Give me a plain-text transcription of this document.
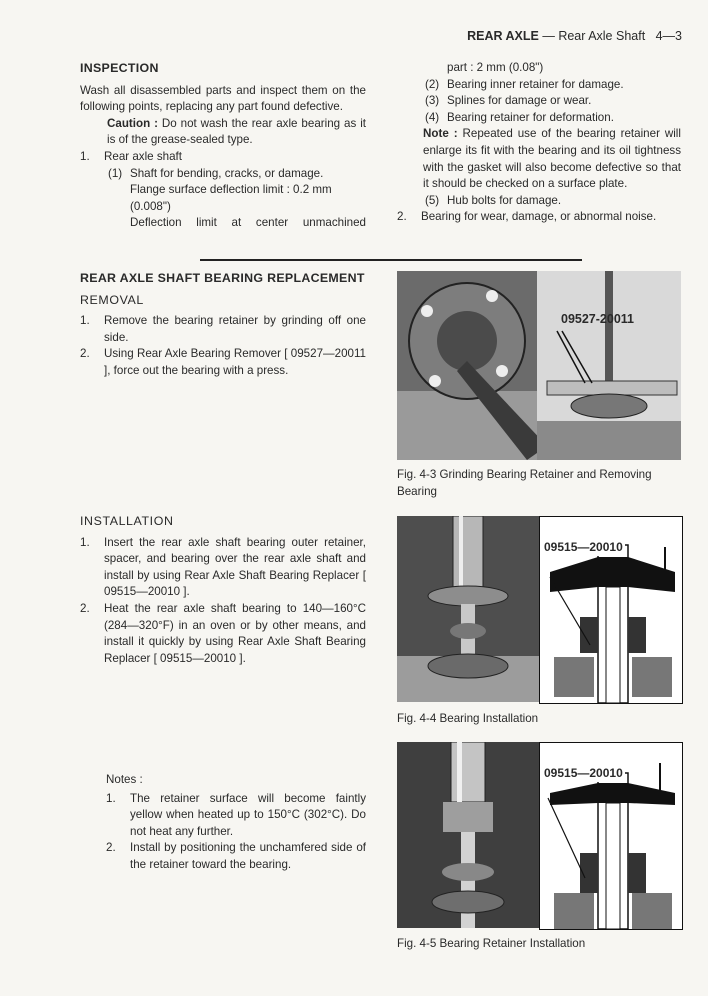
REAR AXLE — Rear Axle Shaft 4—3
INSPECTION

Wash all disassembled parts and inspect them on the following points, replacing any part found defective.

Caution : Do not wash the rear axle bearing as it is of the grease-sealed type.

1. Rear axle shaft
(1) Shaft for bending, cracks, or damage.
Flange surface deflection limit : 0.2 mm
(0.008")
Deflection limit at center unmachined
part : 2 mm (0.08")
(2) Bearing inner retainer for damage.
(3) Splines for damage or wear.
(4) Bearing retainer for deformation.

Note : Repeated use of the bearing retainer will enlarge its fit with the bearing and its oil tightness with the gasket will also become defective so that it should be checked on a surface plate.

(5) Hub bolts for damage.
2. Bearing for wear, damage, or abnormal noise.
REAR AXLE SHAFT BEARING REPLACEMENT
REMOVAL
1. Remove the bearing retainer by grinding off one side.
2. Using Rear Axle Bearing Remover [ 09527—20011 ], force out the bearing with a press.
INSTALLATION
1. Insert the rear axle shaft bearing outer retainer, spacer, and bearing over the rear axle shaft and install by using Rear Axle Shaft Bearing Replacer [ 09515—20010 ].
2. Heat the rear axle shaft bearing to 140—160°C (284—320°F) in an oven or by other means, and install it quickly by using Rear Axle Shaft Bearing Replacer [ 09515—20010 ].
Notes :
1. The retainer surface will become faintly yellow when heated up to 150°C (302°C). Do not heat any further.
2. Install by positioning the unchamfered side of the retainer toward the bearing.
09527-20011
Fig. 4-3 Grinding Bearing Retainer and Removing Bearing
09515—20010
Fig. 4-4 Bearing Installation
09515—20010
Fig. 4-5 Bearing Retainer Installation
